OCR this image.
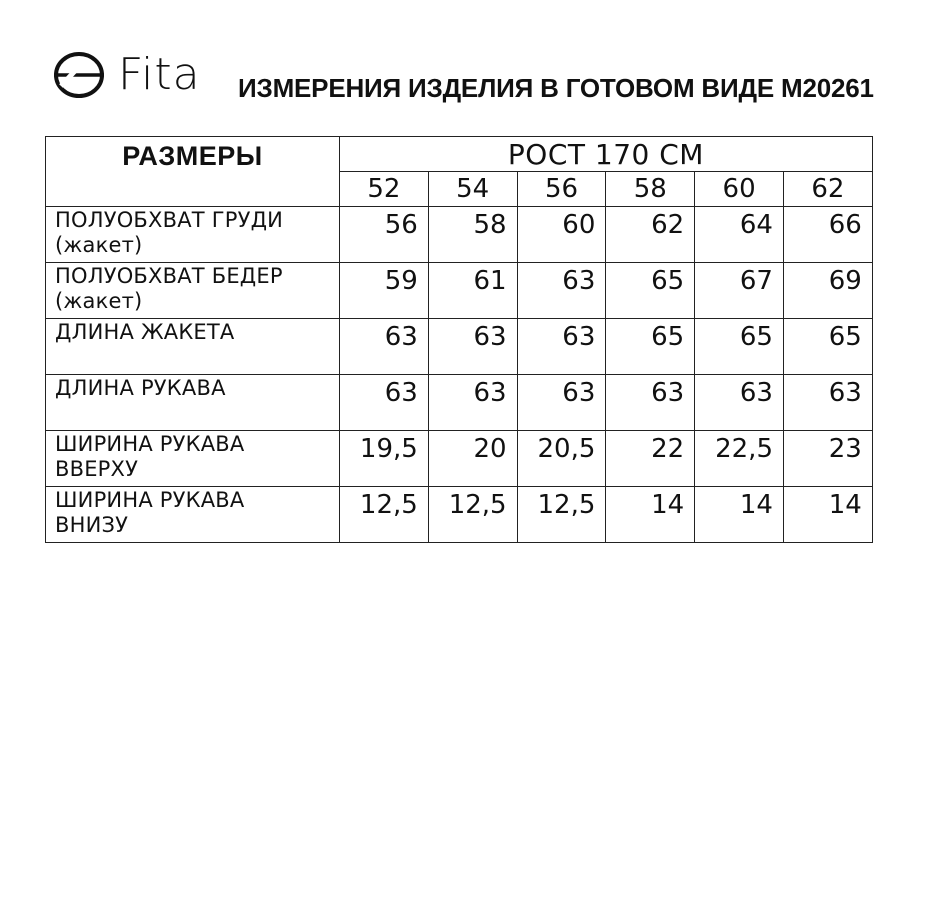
Fita ИЗМЕРЕНИЯ ИЗДЕЛИЯ В ГОТОВОМ ВИДЕ М20261
РАЗМЕРЫ	РОСТ 170 СМ					
	52	54	56	58	60	62

ПОЛУОБХВАТ ГРУДИ
(жакет)	56	58	60	62	64	66

ПОЛУОБХВАТ БЕДЕР
(жакет)	59	61	63	65	67	69

ДЛИНА ЖАКЕТА	63	63	63	65	65	65

ДЛИНА РУКАВА	63	63	63	63	63	63

ШИРИНА РУКАВА
ВВЕРХУ	19,5	20	20,5	22	22,5	23

ШИРИНА РУКАВА
ВНИЗУ	12,5	12,5	12,5	14	14	14
